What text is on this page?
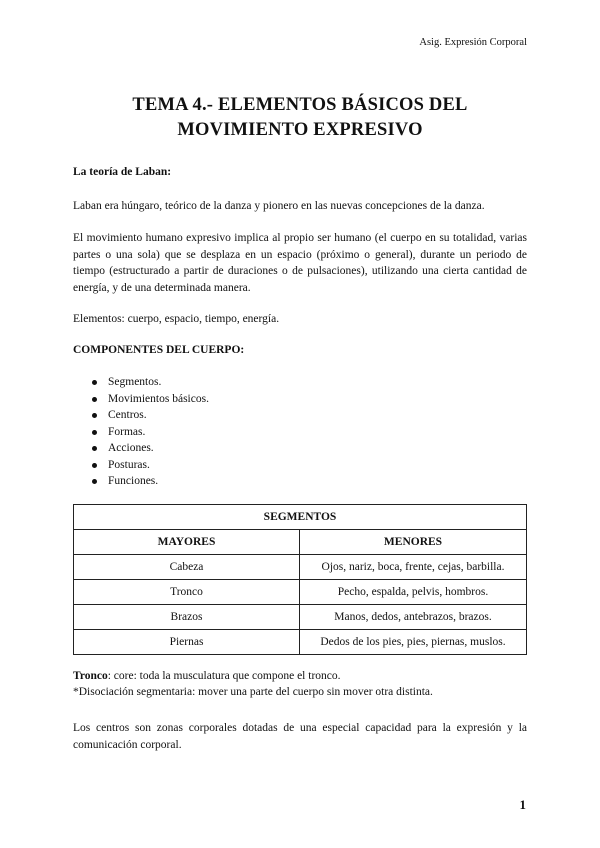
Asig. Expresión Corporal
TEMA 4.- ELEMENTOS BÁSICOS DEL
MOVIMIENTO EXPRESIVO
La teoría de Laban:
Laban era húngaro, teórico de la danza y pionero en las nuevas concepciones de la danza.
El movimiento humano expresivo implica al propio ser humano (el cuerpo en su totalidad, varias partes o una sola) que se desplaza en un espacio (próximo o general), durante un periodo de tiempo (estructurado a partir de duraciones o de pulsaciones), utilizando una cierta cantidad de energía, y de una determinada manera.
Elementos: cuerpo, espacio, tiempo, energía.
COMPONENTES DEL CUERPO:
Segmentos.
Movimientos básicos.
Centros.
Formas.
Acciones.
Posturas.
Funciones.
SEGMENTOS	
MAYORES	MENORES
Cabeza	Ojos, nariz, boca, frente, cejas, barbilla.
Tronco	Pecho, espalda, pelvis, hombros.
Brazos	Manos, dedos, antebrazos, brazos.
Piernas	Dedos de los pies, pies, piernas, muslos.
Tronco: core: toda la musculatura que compone el tronco.
*Disociación segmentaria: mover una parte del cuerpo sin mover otra distinta.
Los centros son zonas corporales dotadas de una especial capacidad para la expresión y la comunicación corporal.
1
